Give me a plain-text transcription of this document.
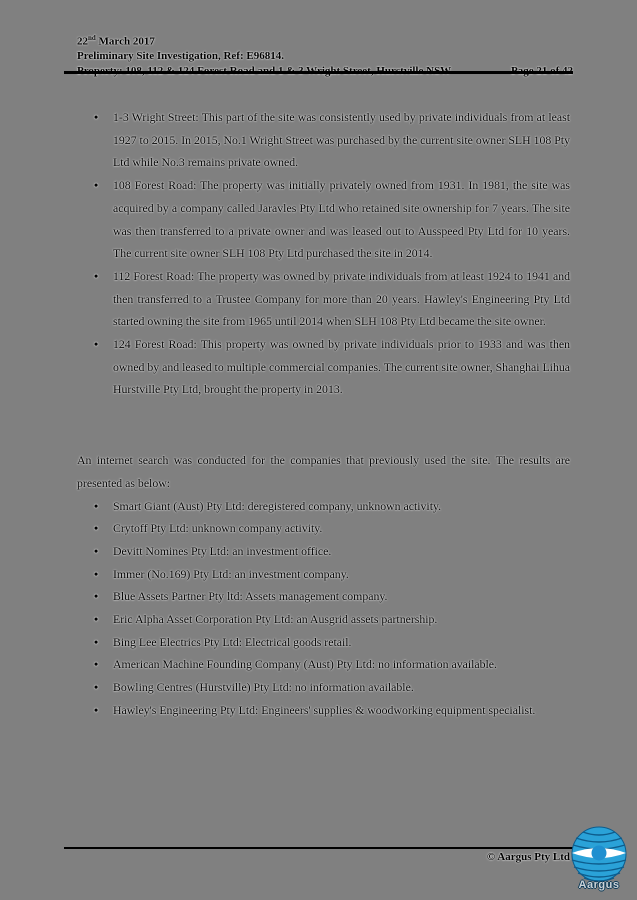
22nd March 2017
Preliminary Site Investigation, Ref: E96814.
Property: 108, 112 & 124 Forest Road and 1 & 3 Wright Street, Hurstville NSW	Page 21 of 42
• 1-3 Wright Street: This part of the site was consistently used by private individuals from at least 1927 to 2015. In 2015, No.1 Wright Street was purchased by the current site owner SLH 108 Pty Ltd while No.3 remains private owned.
• 108 Forest Road: The property was initially privately owned from 1931. In 1981, the site was acquired by a company called Jaravles Pty Ltd who retained site ownership for 7 years. The site was then transferred to a private owner and was leased out to Ausspeed Pty Ltd for 10 years. The current site owner SLH 108 Pty Ltd purchased the site in 2014.
• 112 Forest Road: The property was owned by private individuals from at least 1924 to 1941 and then transferred to a Trustee Company for more than 20 years. Hawley's Engineering Pty Ltd started owning the site from 1965 until 2014 when SLH 108 Pty Ltd became the site owner.
• 124 Forest Road: This property was owned by private individuals prior to 1933 and was then owned by and leased to multiple commercial companies. The current site owner, Shanghai Lihua Hurstville Pty Ltd, brought the property in 2013.

An internet search was conducted for the companies that previously used the site. The results are presented as below:

• Smart Giant (Aust) Pty Ltd: deregistered company, unknown activity.
• Crytoff Pty Ltd: unknown company activity.
• Devitt Nomines Pty Ltd: an investment office.
• Immer (No.169) Pty Ltd: an investment company.
• Blue Assets Partner Pty ltd: Assets management company.
• Eric Alpha Asset Corporation Pty Ltd: an Ausgrid assets partnership.
• Bing Lee Electrics Pty Ltd: Electrical goods retail.
• American Machine Founding Company (Aust) Pty Ltd: no information available.
• Bowling Centres (Hurstville) Pty Ltd: no information available.
• Hawley's Engineering Pty Ltd: Engineers' supplies & woodworking equipment specialist.
© Aargus Pty Ltd
Aargus
